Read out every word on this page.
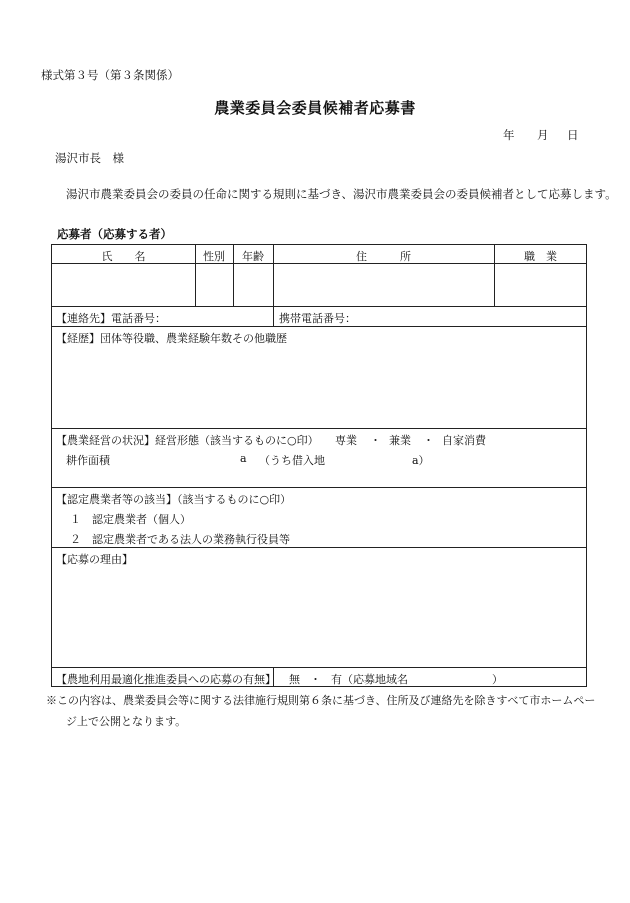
様式第３号（第３条関係）
農業委員会委員候補者応募書
年 月 日
湯沢市長　様
湯沢市農業委員会の委員の任命に関する規則に基づき、湯沢市農業委員会の委員候補者として応募します。
応募者（応募する者）
氏　　名	性別	年齢	住　　　所	職　業
【連絡先】電話番号：	携帯電話番号：
【経歴】団体等役職、農業経験年数その他職歴
【農業経営の状況】経営形態（該当するものに○印） 専業 ・ 兼業 ・ 自家消費
耕作面積	a （うち借入地	a）
【認定農業者等の該当】（該当するものに○印）
１　認定農業者（個人）
２　認定農業者である法人の業務執行役員等
【応募の理由】
【農地利用最適化推進委員への応募の有無】 無 ・ 有（応募地域名	）
※この内容は、農業委員会等に関する法律施行規則第６条に基づき、住所及び連絡先を除きすべて市ホームペー
ジ上で公開となります。
